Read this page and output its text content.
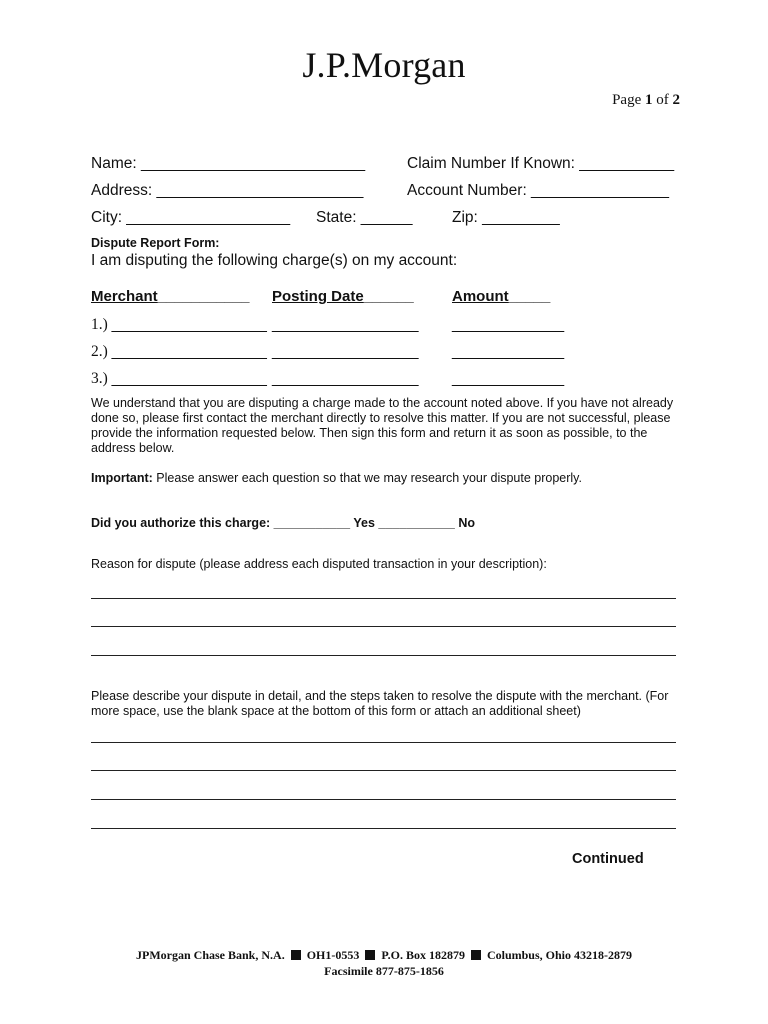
J.P.Morgan
Page 1 of 2
Name: __________________________	Claim Number If Known: ___________
Address: ________________________	Account Number: ________________
City: ___________________ State: ______	Zip: _________
Dispute Report Form:
I am disputing the following charge(s) on my account:
Merchant___________ Posting Date______	Amount_____
1.) __________________ _________________ _____________
2.) __________________ _________________ _____________
3.) __________________ _________________ _____________
We understand that you are disputing a charge made to the account noted above. If you have not already done so, please first contact the merchant directly to resolve this matter. If you are not successful, please provide the information requested below. Then sign this form and return it as soon as possible, to the address below.
Important: Please answer each question so that we may research your dispute properly.
Did you authorize this charge: ___________ Yes ___________ No
Reason for dispute (please address each disputed transaction in your description):
Please describe your dispute in detail, and the steps taken to resolve the dispute with the merchant. (For more space, use the blank space at the bottom of this form or attach an additional sheet)
Continued
JPMorgan Chase Bank, N.A. OH1-0553 P.O. Box 182879 Columbus, Ohio 43218-2879
Facsimile 877-875-1856
